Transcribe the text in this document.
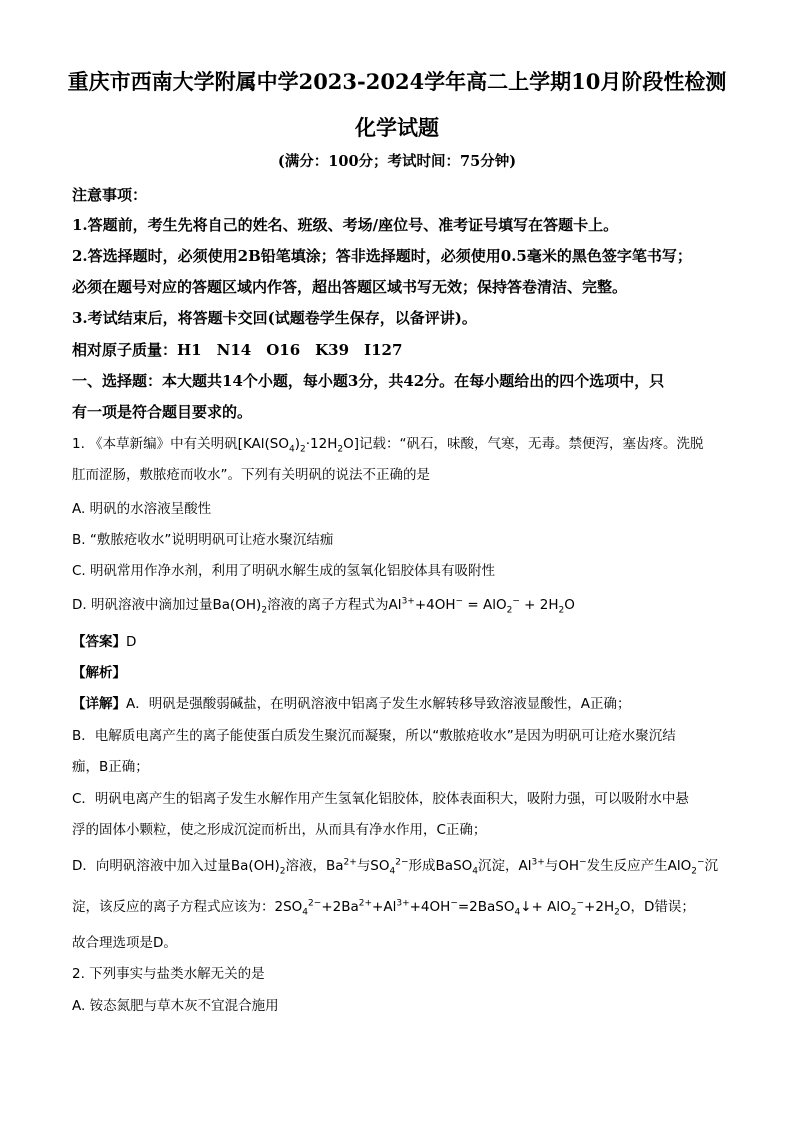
重庆市西南大学附属中学2023-2024学年高二上学期10月阶段性检测
化学试题
(满分：100分；考试时间：75分钟)
注意事项：
1.答题前，考生先将自己的姓名、班级、考场/座位号、准考证号填写在答题卡上。
2.答选择题时，必须使用2B铅笔填涂；答非选择题时，必须使用0.5毫米的黑色签字笔书写；
必须在题号对应的答题区域内作答，超出答题区域书写无效；保持答卷清洁、完整。
3.考试结束后，将答题卡交回(试题卷学生保存，以备评讲)。
相对原子质量：H1　N14　O16　K39　I127
一、选择题：本大题共14个小题，每小题3分，共42分。在每小题给出的四个选项中，只
有一项是符合题目要求的。
1. 《本草新编》中有关明矾$[KAl(SO_4)_2\cdot 12H_2O]$记载：“矾石，味酸，气寒，无毒。禁便泻，塞齿疼。洗脱
肛而涩肠，敷脓疮而收水”。下列有关明矾的说法不正确的是
A. 明矾的水溶液呈酸性
B. “敷脓疮收水”说明明矾可让疮水聚沉结痂
C. 明矾常用作净水剂，利用了明矾水解生成的氢氧化铝胶体具有吸附性
D. 明矾溶液中滴加过量$Ba(OH)_2$溶液的离子方程式为$Al^{3+}+4OH^- = AlO_2^- + 2H_2O$
【答案】D
【解析】
【详解】A．明矾是强酸弱碱盐，在明矾溶液中铝离子发生水解转移导致溶液显酸性，A正确；
B．电解质电离产生的离子能使蛋白质发生聚沉而凝聚，所以“敷脓疮收水”是因为明矾可让疮水聚沉结
痂，B正确；
C．明矾电离产生的铝离子发生水解作用产生氢氧化铝胶体，胶体表面积大，吸附力强，可以吸附水中悬
浮的固体小颗粒，使之形成沉淀而析出，从而具有净水作用，C正确；
D．向明矾溶液中加入过量$Ba(OH)_2$溶液，$Ba^{2+}$与$SO_4^{2-}$形成BaSO$_4$沉淀，$Al^{3+}$与OH−发生反应产生AlO$_2$−沉
淀，该反应的离子方程式应该为：$2SO_4^{2-}+2Ba^{2+}+Al^{3+}+4OH^-=2BaSO_4↓+ AlO_2^-+2H_2O$，D错误；
故合理选项是D。
2. 下列事实与盐类水解无关的是
A. 铵态氮肥与草木灰不宜混合施用
